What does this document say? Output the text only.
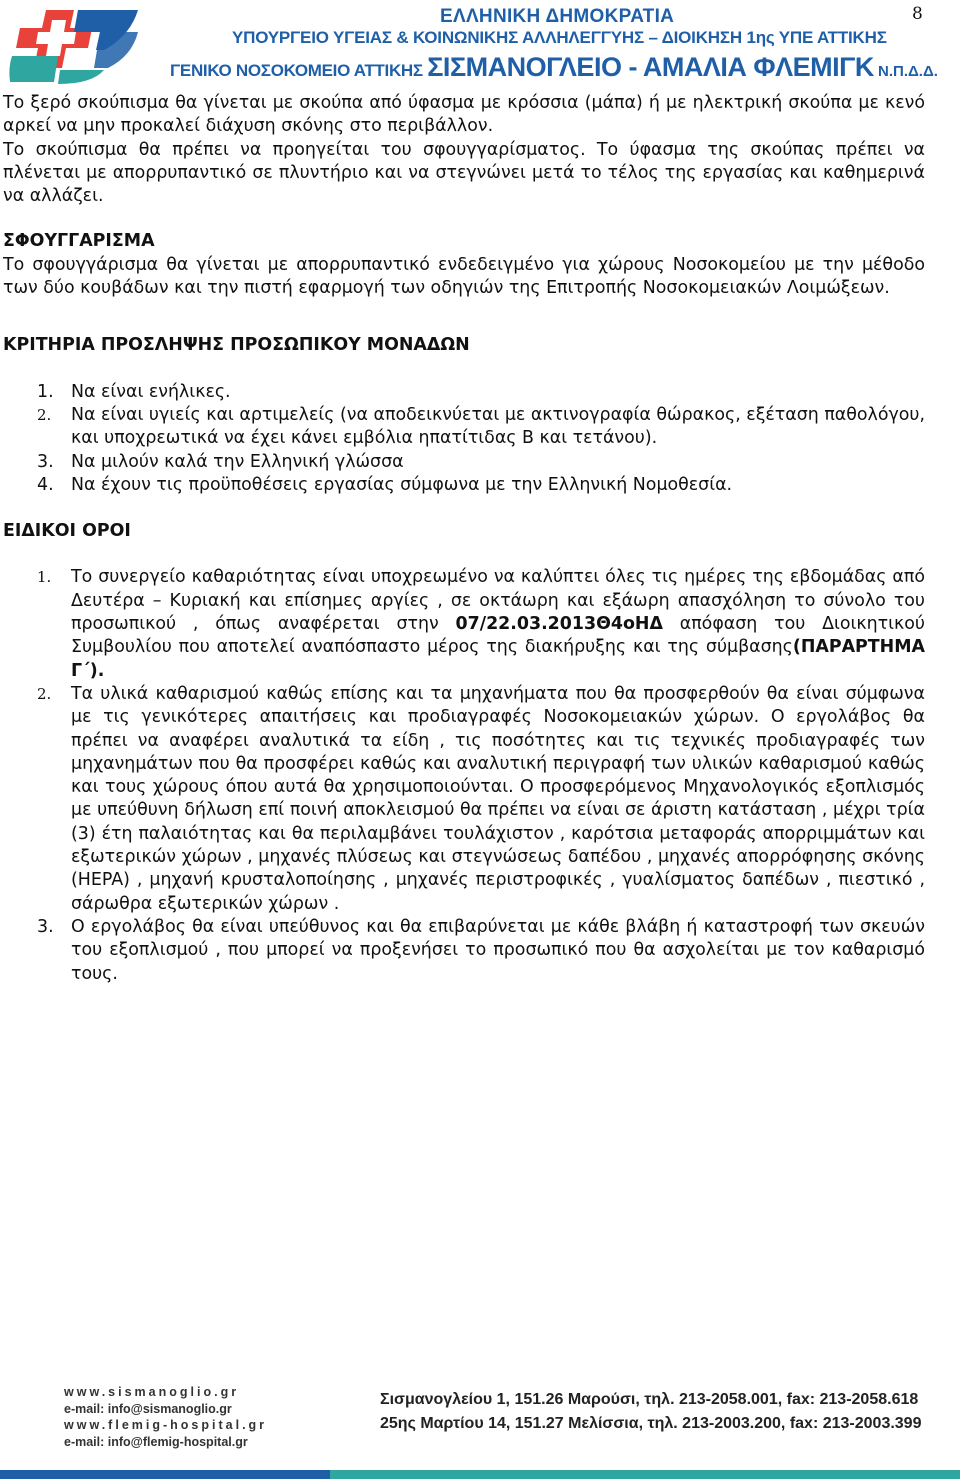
ΕΛΛΗΝΙΚΗ ΔΗΜΟΚΡΑΤΙΑ
ΥΠΟΥΡΓΕΙΟ ΥΓΕΙΑΣ & ΚΟΙΝΩΝΙΚΗΣ ΑΛΛΗΛΕΓΓΥΗΣ – ΔΙΟΙΚΗΣΗ 1ης ΥΠΕ ΑΤΤΙΚΗΣ
ΓΕΝΙΚΟ ΝΟΣΟΚΟΜΕΙΟ ΑΤΤΙΚΗΣ ΣΙΣΜΑΝΟΓΛΕΙΟ - ΑΜΑΛΙΑ ΦΛΕΜΙΓΚ Ν.Π.Δ.Δ.
8

Το ξερό σκούπισμα θα γίνεται με σκούπα από ύφασμα με κρόσσια (μάπα) ή με ηλεκτρική σκούπα με κενό αρκεί να μην προκαλεί διάχυση σκόνης στο περιβάλλον.

Το σκούπισμα θα πρέπει να προηγείται του σφουγγαρίσματος. Το ύφασμα της σκούπας πρέπει να πλένεται με απορρυπαντικό σε πλυντήριο και να στεγνώνει μετά το τέλος της εργασίας και καθημερινά να αλλάζει.

ΣΦΟΥΓΓΑΡΙΣΜΑ

Το σφουγγάρισμα θα γίνεται με απορρυπαντικό ενδεδειγμένο για χώρους Νοσοκομείου με την μέθοδο των δύο κουβάδων και την πιστή εφαρμογή των οδηγιών της Επιτροπής Νοσοκομειακών Λοιμώξεων.

ΚΡΙΤΗΡΙΑ ΠΡΟΣΛΗΨΗΣ ΠΡΟΣΩΠΙΚΟΥ ΜΟΝΑΔΩΝ

1. Να είναι ενήλικες.
2. Να είναι υγιείς και αρτιμελείς (να αποδεικνύεται με ακτινογραφία θώρακος, εξέταση παθολόγου, και υποχρεωτικά να έχει κάνει εμβόλια ηπατίτιδας Β και τετάνου).
3. Να μιλούν καλά την Ελληνική γλώσσα
4. Να έχουν τις προϋποθέσεις εργασίας σύμφωνα με την Ελληνική Νομοθεσία.

ΕΙΔΙΚΟΙ ΟΡΟΙ

1. Το συνεργείο καθαριότητας είναι υποχρεωμένο να καλύπτει όλες τις ημέρες της εβδομάδας από Δευτέρα – Κυριακή και επίσημες αργίες , σε οκτάωρη και εξάωρη απασχόληση το σύνολο του προσωπικού , όπως αναφέρεται στην 07/22.03.2013Θ4οΗΔ απόφαση του Διοικητικού Συμβουλίου που αποτελεί αναπόσπαστο μέρος της διακήρυξης και της σύμβασης(ΠΑΡΑΡΤΗΜΑ Γ΄).
2. Τα υλικά καθαρισμού καθώς επίσης και τα μηχανήματα που θα προσφερθούν θα είναι σύμφωνα με τις γενικότερες απαιτήσεις και προδιαγραφές Νοσοκομειακών χώρων. Ο εργολάβος θα πρέπει να αναφέρει αναλυτικά τα είδη , τις ποσότητες και τις τεχνικές προδιαγραφές των μηχανημάτων που θα προσφέρει καθώς και αναλυτική περιγραφή των υλικών καθαρισμού καθώς και τους χώρους όπου αυτά θα χρησιμοποιούνται. Ο προσφερόμενος Μηχανολογικός εξοπλισμός με υπεύθυνη δήλωση επί ποινή αποκλεισμού θα πρέπει να είναι σε άριστη κατάσταση , μέχρι τρία (3) έτη παλαιότητας και θα περιλαμβάνει τουλάχιστον , καρότσια μεταφοράς απορριμμάτων και εξωτερικών χώρων , μηχανές πλύσεως και στεγνώσεως δαπέδου , μηχανές απορρόφησης σκόνης (HEPA) , μηχανή κρυσταλοποίησης , μηχανές περιστροφικές , γυαλίσματος δαπέδων , πιεστικό , σάρωθρα εξωτερικών χώρων .
3. Ο εργολάβος θα είναι υπεύθυνος και θα επιβαρύνεται με κάθε βλάβη ή καταστροφή των σκευών του εξοπλισμού , που μπορεί να προξενήσει το προσωπικό που θα ασχολείται με τον καθαρισμό τους.
www.sismanoglio.gr
e-mail: info@sismanoglio.gr
www.flemig-hospital.gr
e-mail: info@flemig-hospital.gr
Σισμανογλείου 1, 151.26 Μαρούσι, τηλ. 213-2058.001, fax: 213-2058.618
25ης Μαρτίου 14, 151.27 Μελίσσια, τηλ. 213-2003.200, fax: 213-2003.399
